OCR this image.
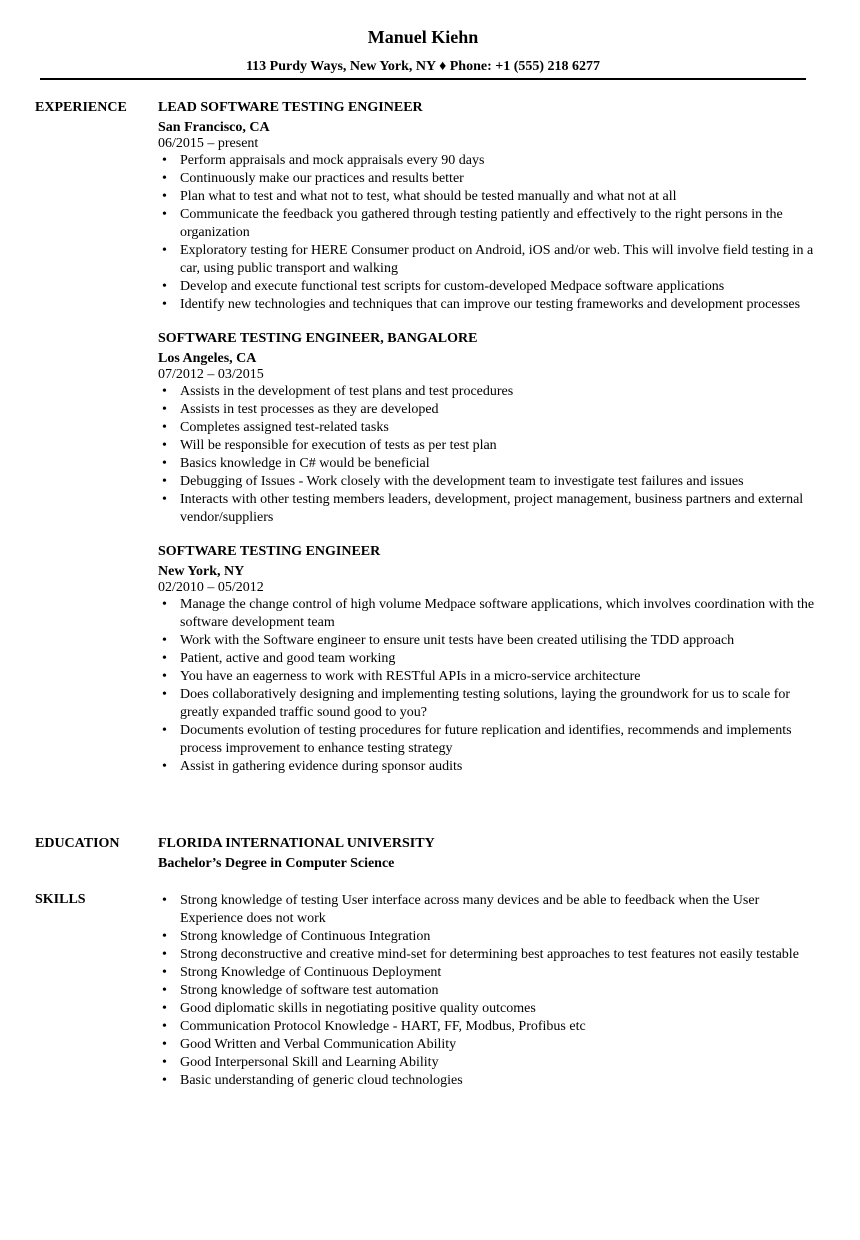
Manuel Kiehn
113 Purdy Ways, New York, NY ♦ Phone: +1 (555) 218 6277
EXPERIENCE LEAD SOFTWARE TESTING ENGINEER
San Francisco, CA
06/2015 – present
• Perform appraisals and mock appraisals every 90 days
• Continuously make our practices and results better
• Plan what to test and what not to test, what should be tested manually and what not at all
• Communicate the feedback you gathered through testing patiently and effectively to the right persons in the organization
• Exploratory testing for HERE Consumer product on Android, iOS and/or web. This will involve field testing in a car, using public transport and walking
• Develop and execute functional test scripts for custom-developed Medpace software applications
• Identify new technologies and techniques that can improve our testing frameworks and development processes
SOFTWARE TESTING ENGINEER, BANGALORE
Los Angeles, CA
07/2012 – 03/2015
• Assists in the development of test plans and test procedures
• Assists in test processes as they are developed
• Completes assigned test-related tasks
• Will be responsible for execution of tests as per test plan
• Basics knowledge in C# would be beneficial
• Debugging of Issues - Work closely with the development team to investigate test failures and issues
• Interacts with other testing members leaders, development, project management, business partners and external vendor/suppliers
SOFTWARE TESTING ENGINEER
New York, NY
02/2010 – 05/2012
• Manage the change control of high volume Medpace software applications, which involves coordination with the software development team
• Work with the Software engineer to ensure unit tests have been created utilising the TDD approach
• Patient, active and good team working
• You have an eagerness to work with RESTful APIs in a micro-service architecture
• Does collaboratively designing and implementing testing solutions, laying the groundwork for us to scale for greatly expanded traffic sound good to you?
• Documents evolution of testing procedures for future replication and identifies, recommends and implements process improvement to enhance testing strategy
• Assist in gathering evidence during sponsor audits
EDUCATION	FLORIDA INTERNATIONAL UNIVERSITY
Bachelor’s Degree in Computer Science
SKILLS	• Strong knowledge of testing User interface across many devices and be able to feedback when the User Experience does not work
• Strong knowledge of Continuous Integration
• Strong deconstructive and creative mind-set for determining best approaches to test features not easily testable
• Strong Knowledge of Continuous Deployment
• Strong knowledge of software test automation
• Good diplomatic skills in negotiating positive quality outcomes
• Communication Protocol Knowledge - HART, FF, Modbus, Profibus etc
• Good Written and Verbal Communication Ability
• Good Interpersonal Skill and Learning Ability
• Basic understanding of generic cloud technologies
